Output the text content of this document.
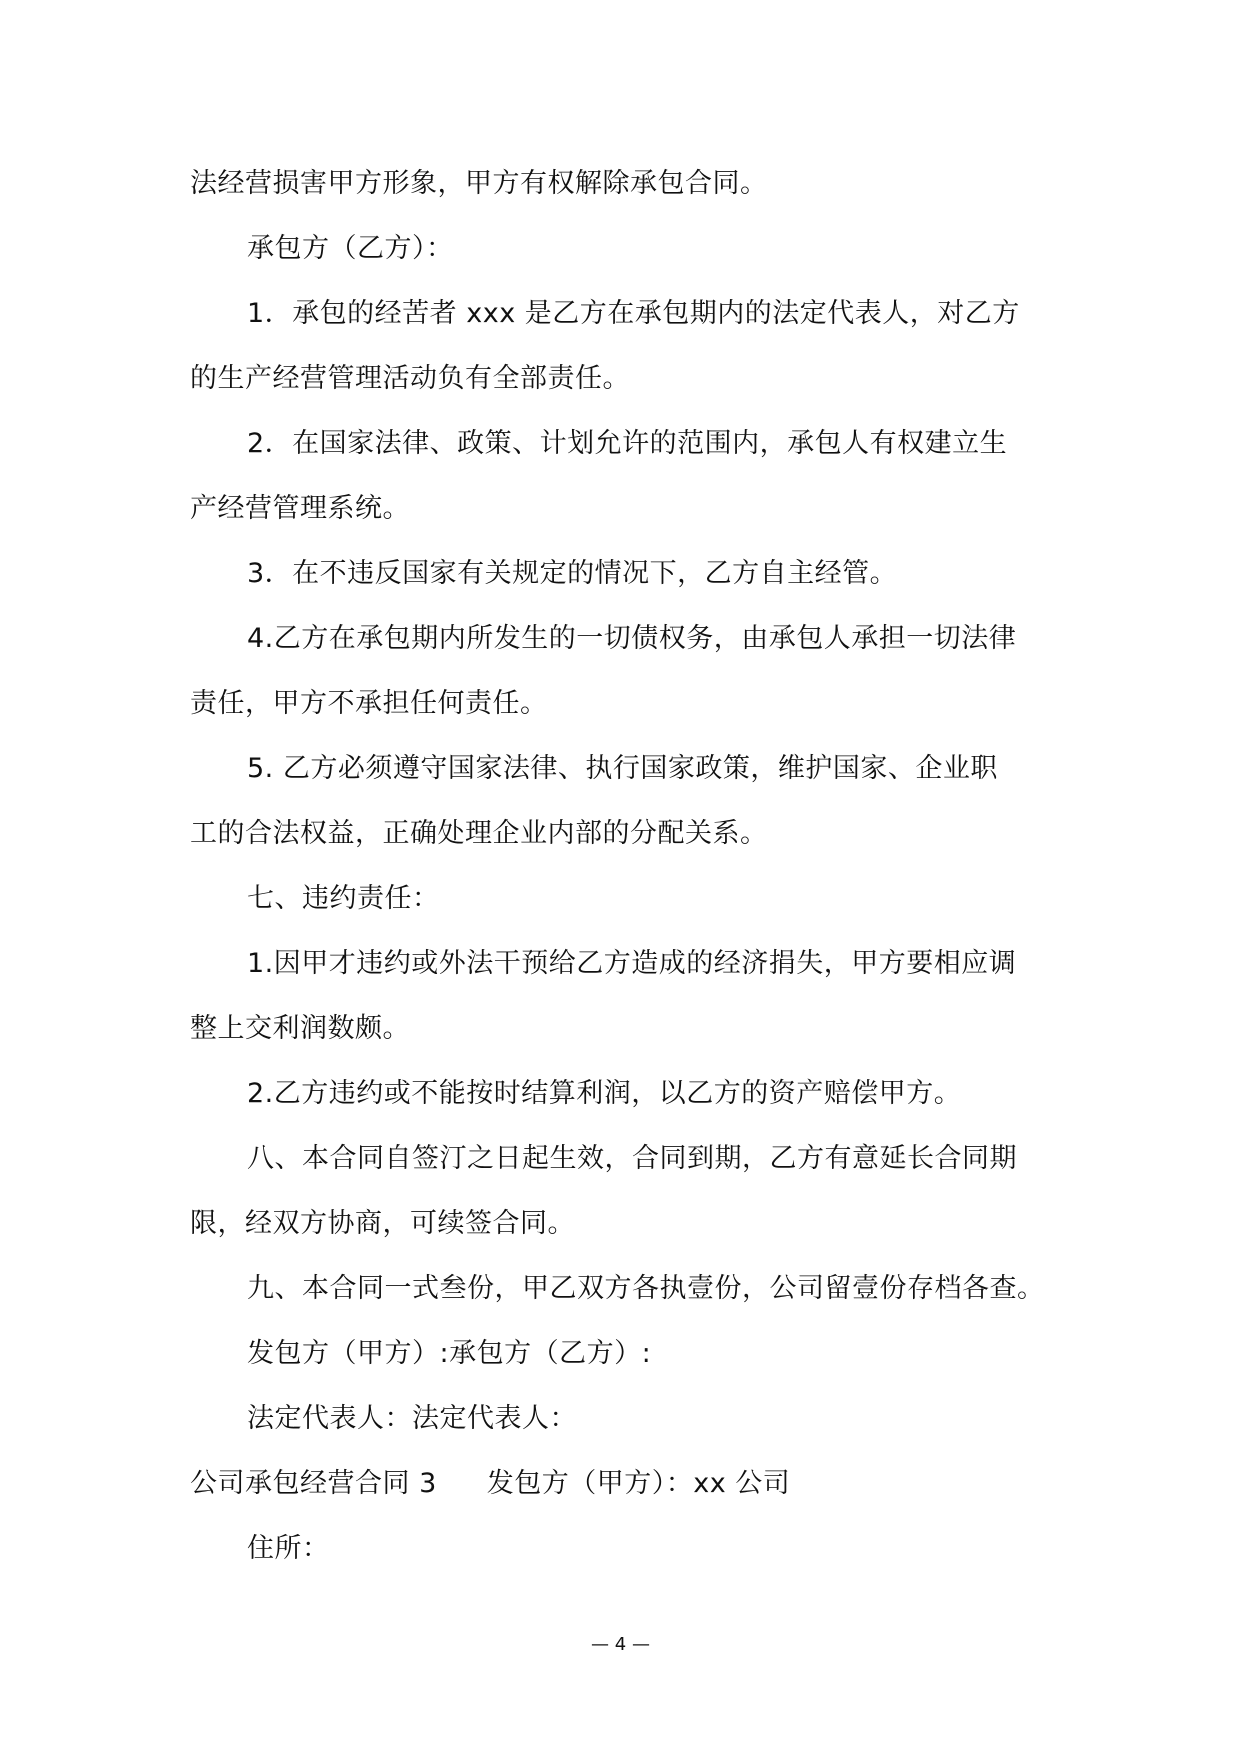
法经营损害甲方形象，甲方有权解除承包合同。
承包方（乙方）：
1．承包的经苦者 xxx 是乙方在承包期内的法定代表人，对乙方
的生产经营管理活动负有全部责任。
2．在国家法律、政策、计划允许的范围内，承包人有权建立生
产经营管理系统。
3．在不违反国家有关规定的情况下，乙方自主经管。
4.乙方在承包期内所发生的一切债权务，由承包人承担一切法律
责任，甲方不承担任何责任。
5. 乙方必须遵守国家法律、执行国家政策，维护国家、企业职
工的合法权益，正确处理企业内部的分配关系。
七、违约责任：
1.因甲才违约或外法干预给乙方造成的经济捐失，甲方要相应调
整上交利润数颇。
2.乙方违约或不能按时结算利润，以乙方的资产赔偿甲方。
八、本合同自签汀之日起生效，合同到期，乙方有意延长合同期
限，经双方协商，可续签合同。
九、本合同一式叁份，甲乙双方各执壹份，公司留壹份存档各查。
发包方（甲方）:承包方（乙方）:
法定代表人：法定代表人：
公司承包经营合同 3 发包方（甲方）：xx 公司
住所：
— 4 —
